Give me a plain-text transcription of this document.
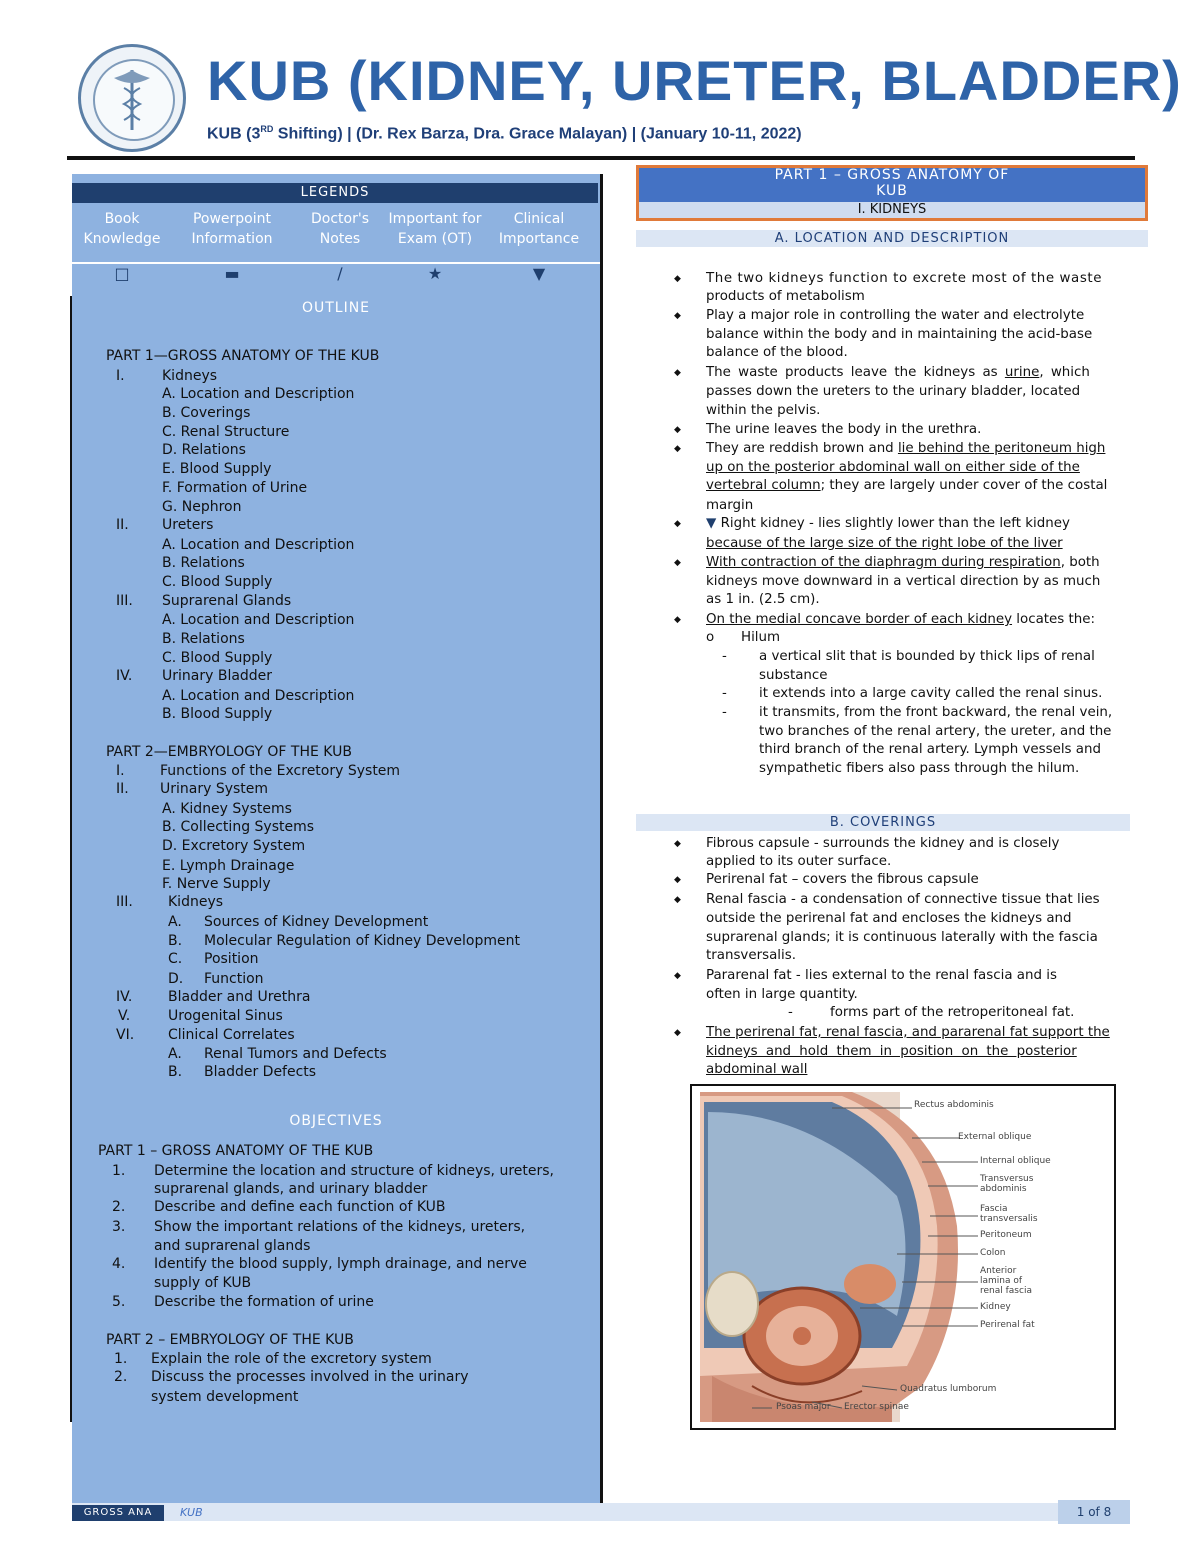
KUB (KIDNEY, URETER, BLADDER)
KUB (3RD Shifting) | (Dr. Rex Barza, Dra. Grace Malayan) | (January 10-11, 2022)
LEGENDS
Book Knowledge
Powerpoint Information
Doctor's Notes
Important for Exam (OT)
Clinical Importance
□	▬	∕	★	▼
OUTLINE
PART 1—GROSS ANATOMY OF THE KUB
I.	Kidneys
A. Location and Description
B. Coverings
C. Renal Structure
D. Relations
E. Blood Supply
F. Formation of Urine
G. Nephron
II. Ureters
A. Location and Description
B. Relations
C. Blood Supply
III. Suprarenal Glands
A. Location and Description
B. Relations
C. Blood Supply
IV. Urinary Bladder
A. Location and Description
B. Blood Supply
PART 2—EMBRYOLOGY OF THE KUB
I.	Functions of the Excretory System
II. Urinary System
A. Kidney Systems
B. Collecting Systems
D. Excretory System
E. Lymph Drainage
F. Nerve Supply
III.	Kidneys
A. Sources of Kidney Development
B. Molecular Regulation of Kidney Development
C. Position
D. Function
IV.	Bladder and Urethra
V.	Urogenital Sinus
VI. Clinical Correlates
A. Renal Tumors and Defects
B. Bladder Defects
OBJECTIVES
PART 1 – GROSS ANATOMY OF THE KUB
1. Determine the location and structure of kidneys, ureters,
suprarenal glands, and urinary bladder
2. Describe and define each function of KUB
3. Show the important relations of the kidneys, ureters,
and suprarenal glands
4. Identify the blood supply, lymph drainage, and nerve
supply of KUB
5. Describe the formation of urine
PART 2 – EMBRYOLOGY OF THE KUB
1. Explain the role of the excretory system
2. Discuss the processes involved in the urinary
system development
PART 1 – GROSS ANATOMY OF
KUB
I. KIDNEYS
A. LOCATION AND DESCRIPTION
◆ The two kidneys function to excrete most of the waste
products of metabolism
◆ Play a major role in controlling the water and electrolyte
balance within the body and in maintaining the acid-base
balance of the blood.
◆ The waste products leave the kidneys as urine, which
passes down the ureters to the urinary bladder, located
within the pelvis.
◆ The urine leaves the body in the urethra.
◆ They are reddish brown and lie behind the peritoneum high
up on the posterior abdominal wall on either side of the
vertebral column; they are largely under cover of the costal
margin
◆ ▼ Right kidney - lies slightly lower than the left kidney
because of the large size of the right lobe of the liver
◆ With contraction of the diaphragm during respiration, both
kidneys move downward in a vertical direction by as much
as 1 in. (2.5 cm).
◆ On the medial concave border of each kidney locates the:
o Hilum
- a vertical slit that is bounded by thick lips of renal
substance
- it extends into a large cavity called the renal sinus.
- it transmits, from the front backward, the renal vein,
two branches of the renal artery, the ureter, and the
third branch of the renal artery. Lymph vessels and
sympathetic fibers also pass through the hilum.
B. COVERINGS
◆ Fibrous capsule - surrounds the kidney and is closely
applied to its outer surface.
◆ Perirenal fat – covers the fibrous capsule
◆ Renal fascia - a condensation of connective tissue that lies
outside the perirenal fat and encloses the kidneys and
suprarenal glands; it is continuous laterally with the fascia
transversalis.
◆ Pararenal fat - lies external to the renal fascia and is
often in large quantity.
-	forms part of the retroperitoneal fat.
◆ The perirenal fat, renal fascia, and pararenal fat support the
kidneys and hold them in position on the posterior
abdominal wall
Rectus abdominis
External oblique
Internal oblique
Transversus
abdominis
Fascia
transversalis
Peritoneum
Colon
Anterior
lamina of
renal fascia
Kidney
Perirenal fat
Quadratus lumborum
Psoas major Erector spinae
GROSS ANA	KUB	1 of 8
